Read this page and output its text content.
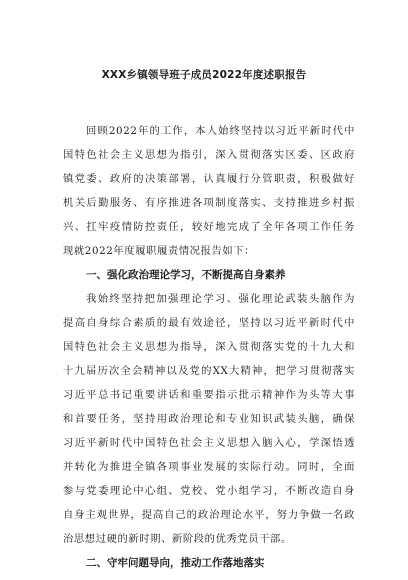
XXX乡镇领导班子成员2022年度述职报告
回顾2022年的工作，本人始终坚持以习近平新时代中
国特色社会主义思想为指引，深入贯彻落实区委、区政府
镇党委、政府的决策部署，认真履行分管职责，积极做好
机关后勤服务、有序推进各项制度落实、支持推进乡村振
兴、扛牢疫情防控责任，较好地完成了全年各项工作任务
现就2022年度履职履责情况报告如下：
一、强化政治理论学习，不断提高自身素养
我始终坚持把加强理论学习、强化理论武装头脑作为
提高自身综合素质的最有效途径，坚持以习近平新时代中
国特色社会主义思想为指导，深入贯彻落实党的十九大和
十九届历次全会精神以及党的XX大精神，把学习贯彻落实
习近平总书记重要讲话和重要指示批示精神作为头等大事
和首要任务，坚持用政治理论和专业知识武装头脑，确保
习近平新时代中国特色社会主义思想入脑入心，学深悟透
并转化为推进全镇各项事业发展的实际行动。同时，全面
参与党委理论中心组、党校、党小组学习，不断改造自身
自身主观世界，提高自己的政治理论水平，努力争做一名政
治思想过硬的新时期、新阶段的优秀党员干部。
二、守牢问题导向，推动工作落地落实
